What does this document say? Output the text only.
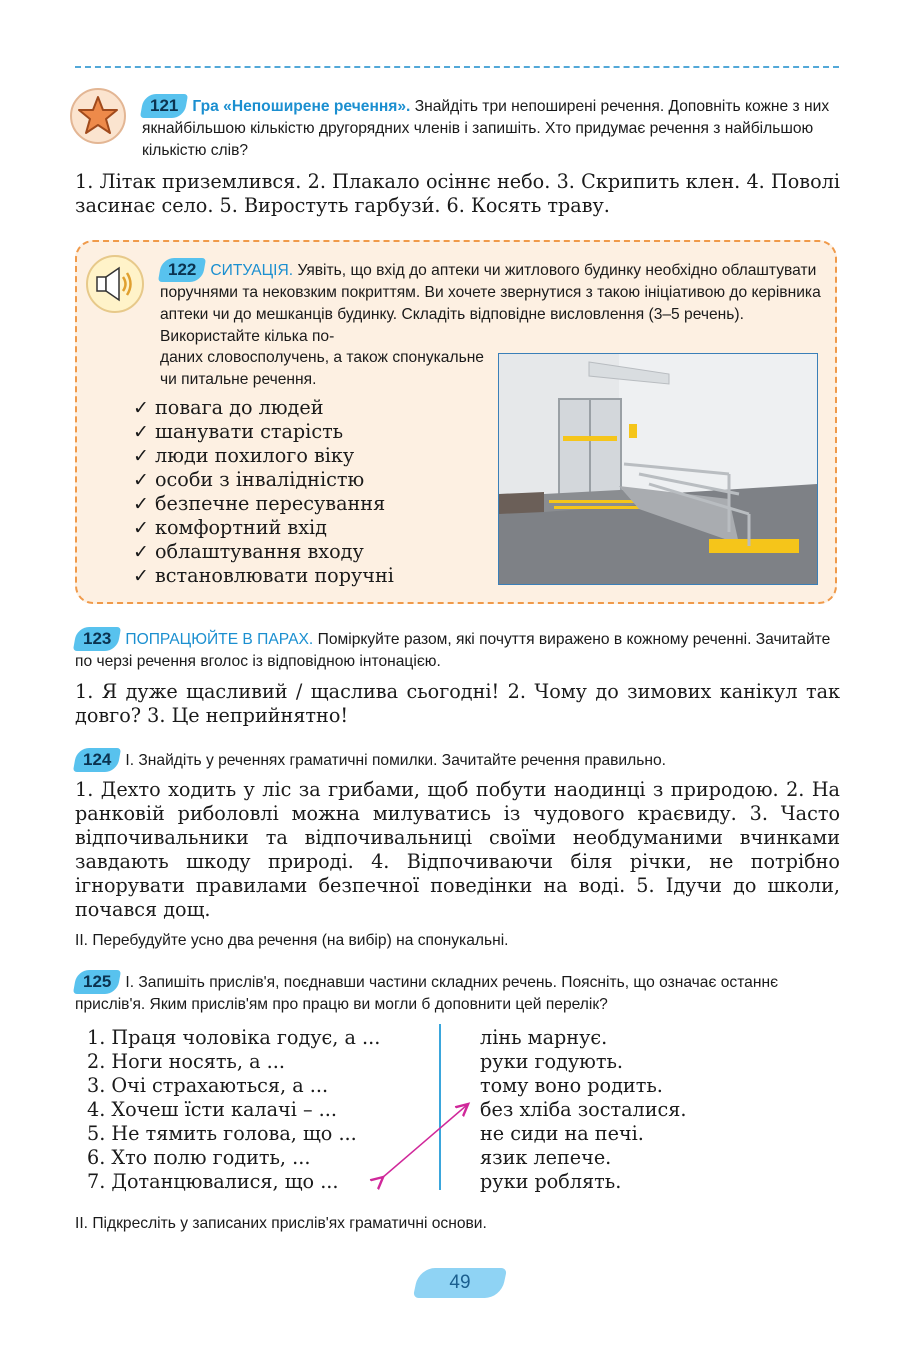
121 Гра «Непоширене речення». Знайдіть три непоширені речення. Доповніть кожне з них якнайбільшою кількістю другорядних членів і запишіть. Хто придумає речення з найбільшою кількістю слів?
1. Літак приземлився. 2. Плакало осіннє небо. 3. Скрипить клен. 4. Поволі засинає село. 5. Виростуть гарбузи́. 6. Косять траву.
122 СИТУАЦІЯ. Уявіть, що вхід до аптеки чи житлового будинку необхідно облаштувати поручнями та нековзким покриттям. Ви хочете звернутися з такою ініціативою до керівника аптеки чи до мешканців будинку. Складіть відповідне висловлення (3–5 речень). Використайте кілька по-
даних словосполучень, а також спонукальне чи питальне речення.
✓ повага до людей
✓ шанувати старість
✓ люди похилого віку
✓ особи з інвалідністю
✓ безпечне пересування
✓ комфортний вхід
✓ облаштування входу
✓ встановлювати поручні
123 ПОПРАЦЮЙТЕ В ПАРАХ. Поміркуйте разом, які почуття виражено в кожному реченні. Зачитайте по черзі речення вголос із відповідною інтонацією.
1. Я дуже щасливий / щаслива сьогодні! 2. Чому до зимових канікул так довго? 3. Це неприйнятно!
124 І. Знайдіть у реченнях граматичні помилки. Зачитайте речення правильно.
1. Дехто ходить у ліс за грибами, щоб побути наодинці з природою. 2. На ранковій риболовлі можна милуватись із чудового краєвиду. 3. Часто відпочивальники та відпочивальниці своїми необдуманими вчинками завдають шкоду природі. 4. Відпочиваючи біля річки, не потрібно ігнорувати правилами безпечної поведінки на воді. 5. Ідучи до школи, почався дощ.
ІІ. Перебудуйте усно два речення (на вибір) на спонукальні.
125 І. Запишіть прислів'я, поєднавши частини складних речень. Поясніть, що означає останнє прислів'я. Яким прислів'ям про працю ви могли б доповнити цей перелік?
1. Праця чоловіка годує, а ...
2. Ноги носять, а ...
3. Очі страхаються, а ...
4. Хочеш їсти калачі – ...
5. Не тямить голова, що ...
6. Хто полю годить, ...
7. Дотанцювалися, що ...
лінь марнує.
руки годують.
тому воно родить.
без хліба зосталися.
не сиди на печі.
язик лепече.
руки роблять.
ІІ. Підкресліть у записаних прислів'ях граматичні основи.
49
